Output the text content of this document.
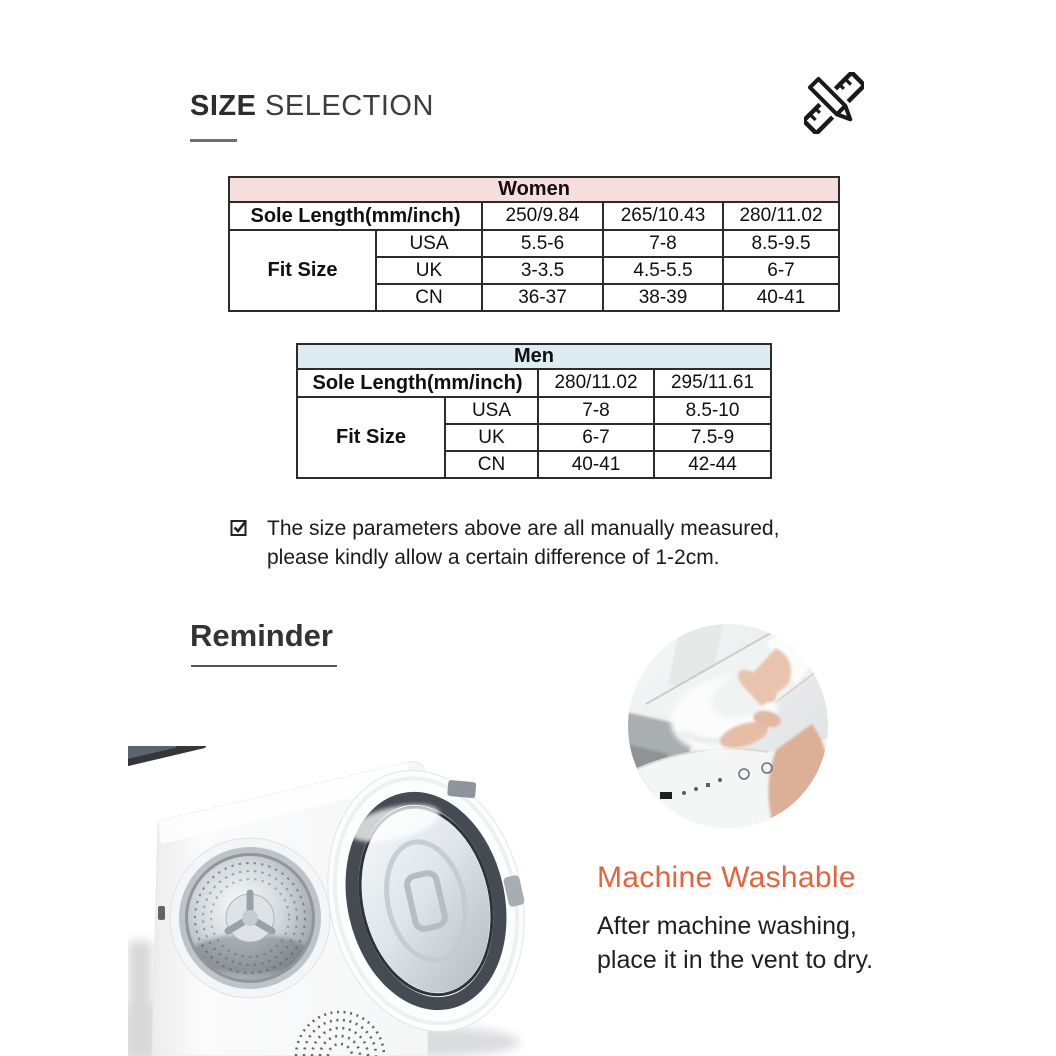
SIZE SELECTION
Women				
Sole Length(mm/inch)		250/9.84	265/10.43	280/11.02
Fit Size	USA	5.5-6	7-8	8.5-9.5
	UK	3-3.5	4.5-5.5	6-7
	CN	36-37	38-39	40-41
Men			
Sole Length(mm/inch)		280/11.02	295/11.61
Fit Size	USA	7-8	8.5-10
	UK	6-7	7.5-9
	CN	40-41	42-44
The size parameters above are all manually measured,
please kindly allow a certain difference of 1-2cm.
Reminder
Machine Washable
After machine washing,
place it in the vent to dry.
